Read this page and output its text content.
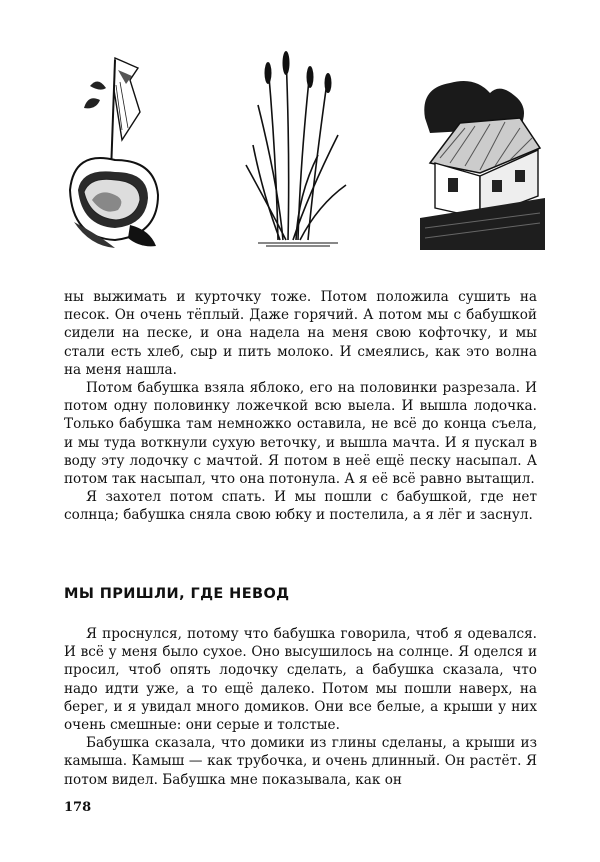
ны выжимать и курточку тоже. Потом положила сушить на песок. Он очень тёплый. Даже горячий. А потом мы с бабушкой сидели на песке, и она надела на меня свою кофточку, и мы стали есть хлеб, сыр и пить молоко. И смеялись, как это волна на меня нашла.

Потом бабушка взяла яблоко, его на половинки разрезала. И потом одну половинку ложечкой всю выела. И вышла лодочка. Только бабушка там немножко оставила, не всё до конца съела, и мы туда воткнули сухую веточку, и вышла мачта. И я пускал в воду эту лодочку с мачтой. Я потом в неё ещё песку насыпал. А потом так насыпал, что она потонула. А я её всё равно вытащил.

Я захотел потом спать. И мы пошли с бабушкой, где нет солнца; бабушка сняла свою юбку и постелила, а я лёг и заснул.

МЫ ПРИШЛИ, ГДЕ НЕВОД

Я проснулся, потому что бабушка говорила, чтоб я одевался. И всё у меня было сухое. Оно высушилось на солнце. Я оделся и просил, чтоб опять лодочку сделать, а бабушка сказала, что надо идти уже, а то ещё далеко. Потом мы пошли наверх, на берег, и я увидал много домиков. Они все белые, а крыши у них очень смешные: они серые и толстые.

Бабушка сказала, что домики из глины сделаны, а крыши из камыша. Камыш — как трубочка, и очень длинный. Он растёт. Я потом видел. Бабушка мне показывала, как он

178
